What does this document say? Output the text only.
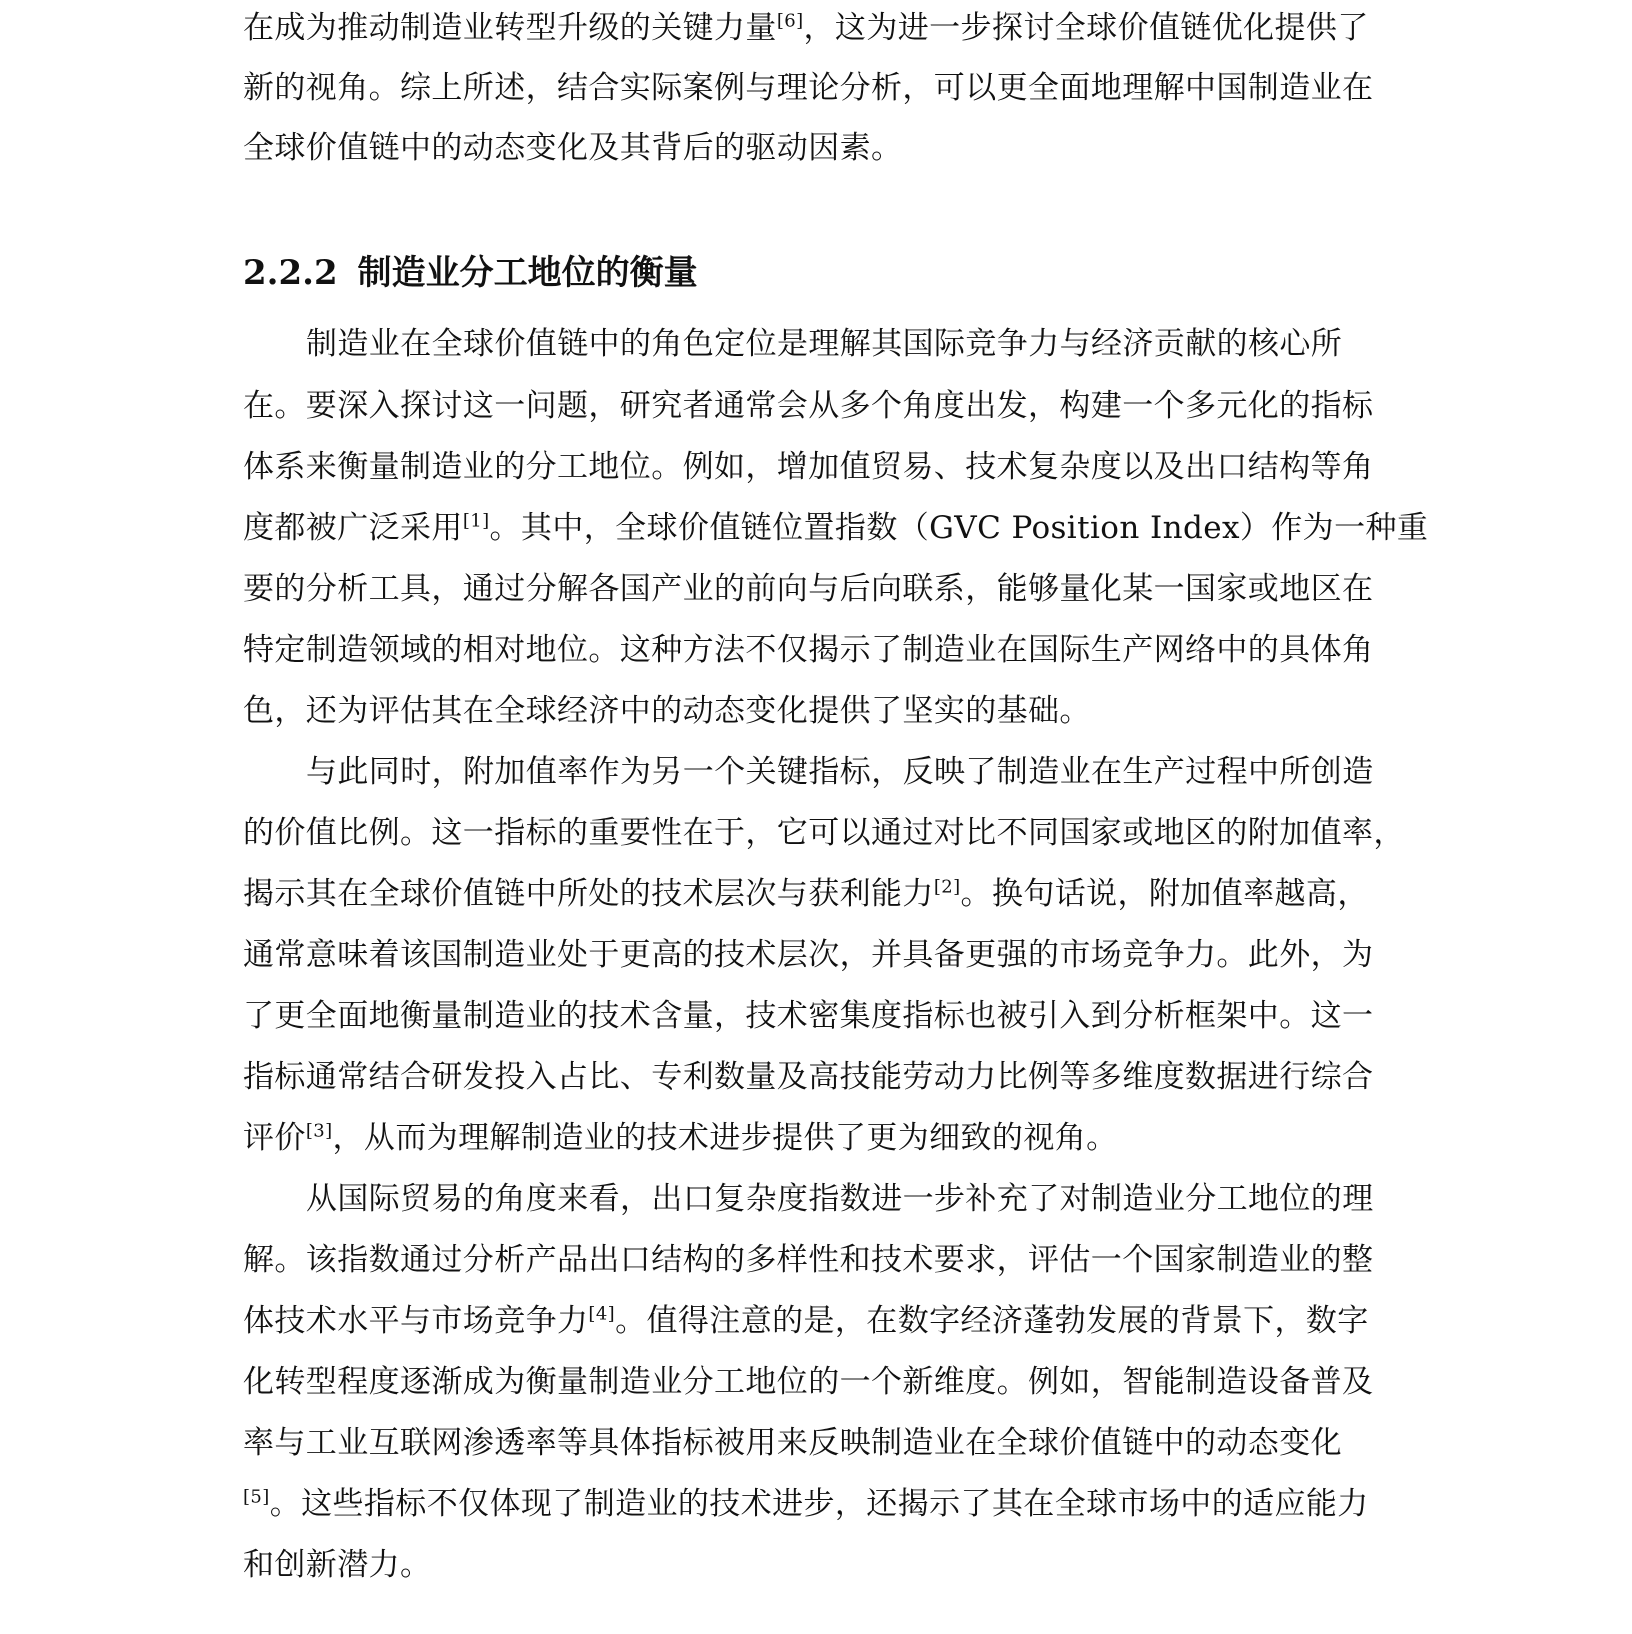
在成为推动制造业转型升级的关键力量[6]，这为进一步探讨全球价值链优化提供了
新的视角。综上所述，结合实际案例与理论分析，可以更全面地理解中国制造业在
全球价值链中的动态变化及其背后的驱动因素。
2.2.2 制造业分工地位的衡量
制造业在全球价值链中的角色定位是理解其国际竞争力与经济贡献的核心所
在。要深入探讨这一问题，研究者通常会从多个角度出发，构建一个多元化的指标
体系来衡量制造业的分工地位。例如，增加值贸易、技术复杂度以及出口结构等角
度都被广泛采用[1]。其中，全球价值链位置指数（GVC Position Index）作为一种重
要的分析工具，通过分解各国产业的前向与后向联系，能够量化某一国家或地区在
特定制造领域的相对地位。这种方法不仅揭示了制造业在国际生产网络中的具体角
色，还为评估其在全球经济中的动态变化提供了坚实的基础。
与此同时，附加值率作为另一个关键指标，反映了制造业在生产过程中所创造
的价值比例。这一指标的重要性在于，它可以通过对比不同国家或地区的附加值率，
揭示其在全球价值链中所处的技术层次与获利能力[2]。换句话说，附加值率越高，
通常意味着该国制造业处于更高的技术层次，并具备更强的市场竞争力。此外，为
了更全面地衡量制造业的技术含量，技术密集度指标也被引入到分析框架中。这一
指标通常结合研发投入占比、专利数量及高技能劳动力比例等多维度数据进行综合
评价[3]，从而为理解制造业的技术进步提供了更为细致的视角。
从国际贸易的角度来看，出口复杂度指数进一步补充了对制造业分工地位的理
解。该指数通过分析产品出口结构的多样性和技术要求，评估一个国家制造业的整
体技术水平与市场竞争力[4]。值得注意的是，在数字经济蓬勃发展的背景下，数字
化转型程度逐渐成为衡量制造业分工地位的一个新维度。例如，智能制造设备普及
率与工业互联网渗透率等具体指标被用来反映制造业在全球价值链中的动态变化
[5]。这些指标不仅体现了制造业的技术进步，还揭示了其在全球市场中的适应能力
和创新潜力。
